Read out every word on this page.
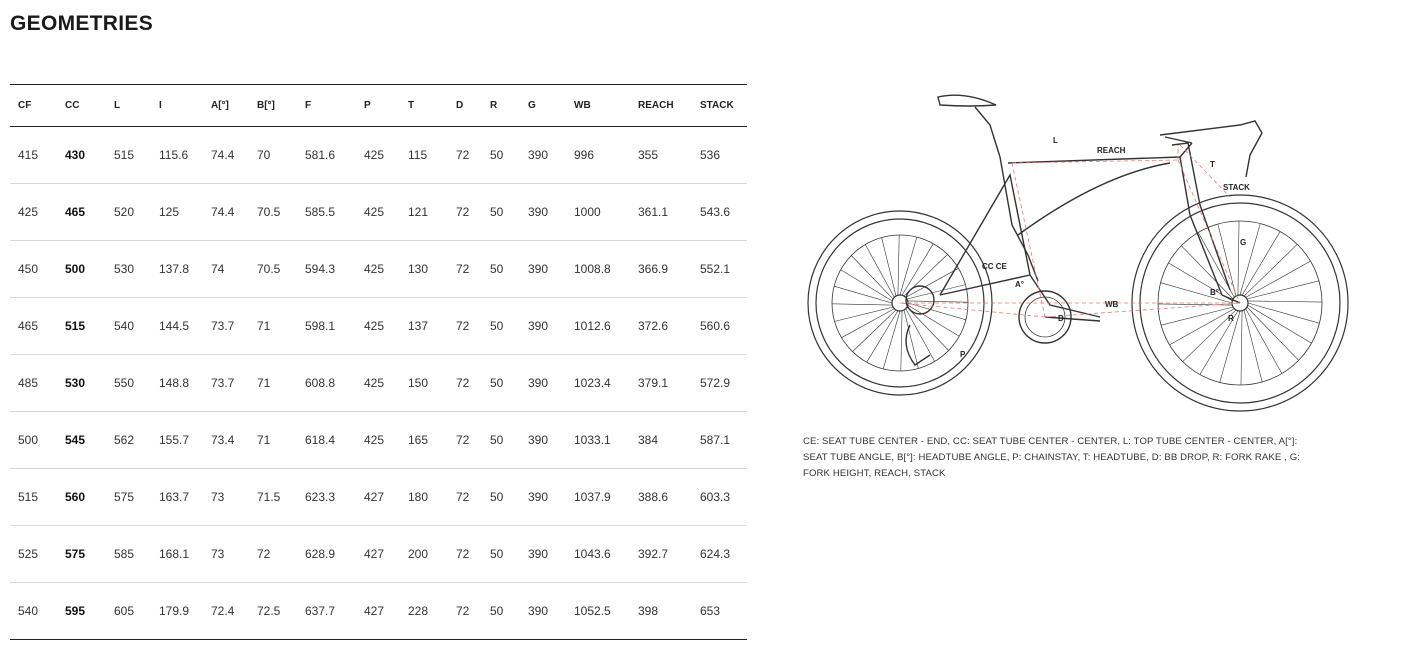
GEOMETRIES
CF	CC	L	I	A[°]	B[°]	F	P	T	D	R	G	WB	REACH	STACK
415	430	515	115.6	74.4	70	581.6	425	115	72	50	390	996	355	536
425	465	520	125	74.4	70.5	585.5	425	121	72	50	390	1000	361.1	543.6
450	500	530	137.8	74	70.5	594.3	425	130	72	50	390	1008.8	366.9	552.1
465	515	540	144.5	73.7	71	598.1	425	137	72	50	390	1012.6	372.6	560.6
485	530	550	148.8	73.7	71	608.8	425	150	72	50	390	1023.4	379.1	572.9
500	545	562	155.7	73.4	71	618.4	425	165	72	50	390	1033.1	384	587.1
515	560	575	163.7	73	71.5	623.3	427	180	72	50	390	1037.9	388.6	603.3
525	575	585	168.1	73	72	628.9	427	200	72	50	390	1043.6	392.7	624.3
540	595	605	179.9	72.4	72.5	637.7	427	228	72	50	390	1052.5	398	653
L
REACH
STACK
T
G
CC CE
A°
WB
D
P
B°
R
CE: SEAT TUBE CENTER - END, CC: SEAT TUBE CENTER - CENTER, L: TOP TUBE CENTER - CENTER, A[°]: SEAT TUBE ANGLE, B[°]: HEADTUBE ANGLE, P: CHAINSTAY, T: HEADTUBE, D: BB DROP, R: FORK RAKE , G: FORK HEIGHT, REACH, STACK
